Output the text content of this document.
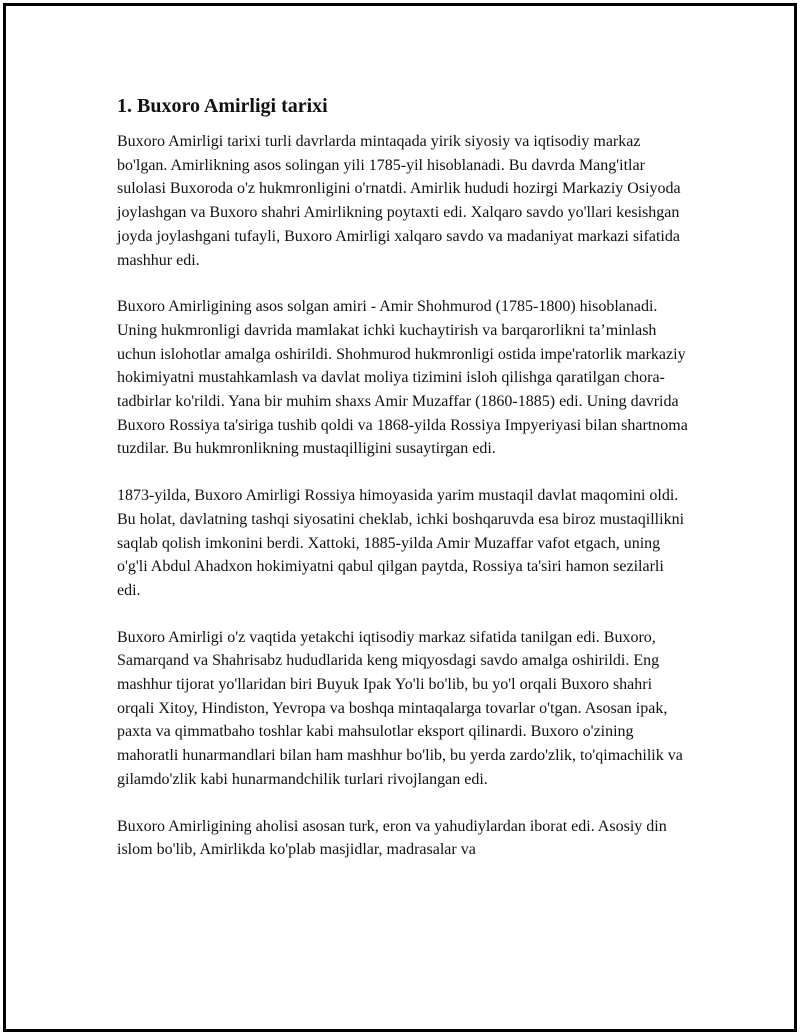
1. Buxoro Amirligi tarixi

Buxoro Amirligi tarixi turli davrlarda mintaqada yirik siyosiy va iqtisodiy markaz bo'lgan. Amirlikning asos solingan yili 1785-yil hisoblanadi. Bu davrda Mang'itlar sulolasi Buxoroda o'z hukmronligini o'rnatdi. Amirlik hududi hozirgi Markaziy Osiyoda joylashgan va Buxoro shahri Amirlikning poytaxti edi. Xalqaro savdo yo'llari kesishgan joyda joylashgani tufayli, Buxoro Amirligi xalqaro savdo va madaniyat markazi sifatida mashhur edi.

Buxoro Amirligining asos solgan amiri - Amir Shohmurod (1785-1800) hisoblanadi. Uning hukmronligi davrida mamlakat ichki kuchaytirish va barqarorlikni ta’minlash uchun islohotlar amalga oshirildi. Shohmurod hukmronligi ostida impe'ratorlik markaziy hokimiyatni mustahkamlash va davlat moliya tizimini isloh qilishga qaratilgan chora-tadbirlar ko'rildi. Yana bir muhim shaxs Amir Muzaffar (1860-1885) edi. Uning davrida Buxoro Rossiya ta'siriga tushib qoldi va 1868-yilda Rossiya Impyeriyasi bilan shartnoma tuzdilar. Bu hukmronlikning mustaqilligini susaytirgan edi.

1873-yilda, Buxoro Amirligi Rossiya himoyasida yarim mustaqil davlat maqomini oldi. Bu holat, davlatning tashqi siyosatini cheklab, ichki boshqaruvda esa biroz mustaqillikni saqlab qolish imkonini berdi. Xattoki, 1885-yilda Amir Muzaffar vafot etgach, uning o'g'li Abdul Ahadxon hokimiyatni qabul qilgan paytda, Rossiya ta'siri hamon sezilarli edi.

Buxoro Amirligi o'z vaqtida yetakchi iqtisodiy markaz sifatida tanilgan edi. Buxoro, Samarqand va Shahrisabz hududlarida keng miqyosdagi savdo amalga oshirildi. Eng mashhur tijorat yo'llaridan biri Buyuk Ipak Yo'li bo'lib, bu yo'l orqali Buxoro shahri orqali Xitoy, Hindiston, Yevropa va boshqa mintaqalarga tovarlar o'tgan. Asosan ipak, paxta va qimmatbaho toshlar kabi mahsulotlar eksport qilinardi. Buxoro o'zining mahoratli hunarmandlari bilan ham mashhur bo'lib, bu yerda zardo'zlik, to'qimachilik va gilamdo'zlik kabi hunarmandchilik turlari rivojlangan edi.

Buxoro Amirligining aholisi asosan turk, eron va yahudiylardan iborat edi. Asosiy din islom bo'lib, Amirlikda ko'plab masjidlar, madrasalar va
